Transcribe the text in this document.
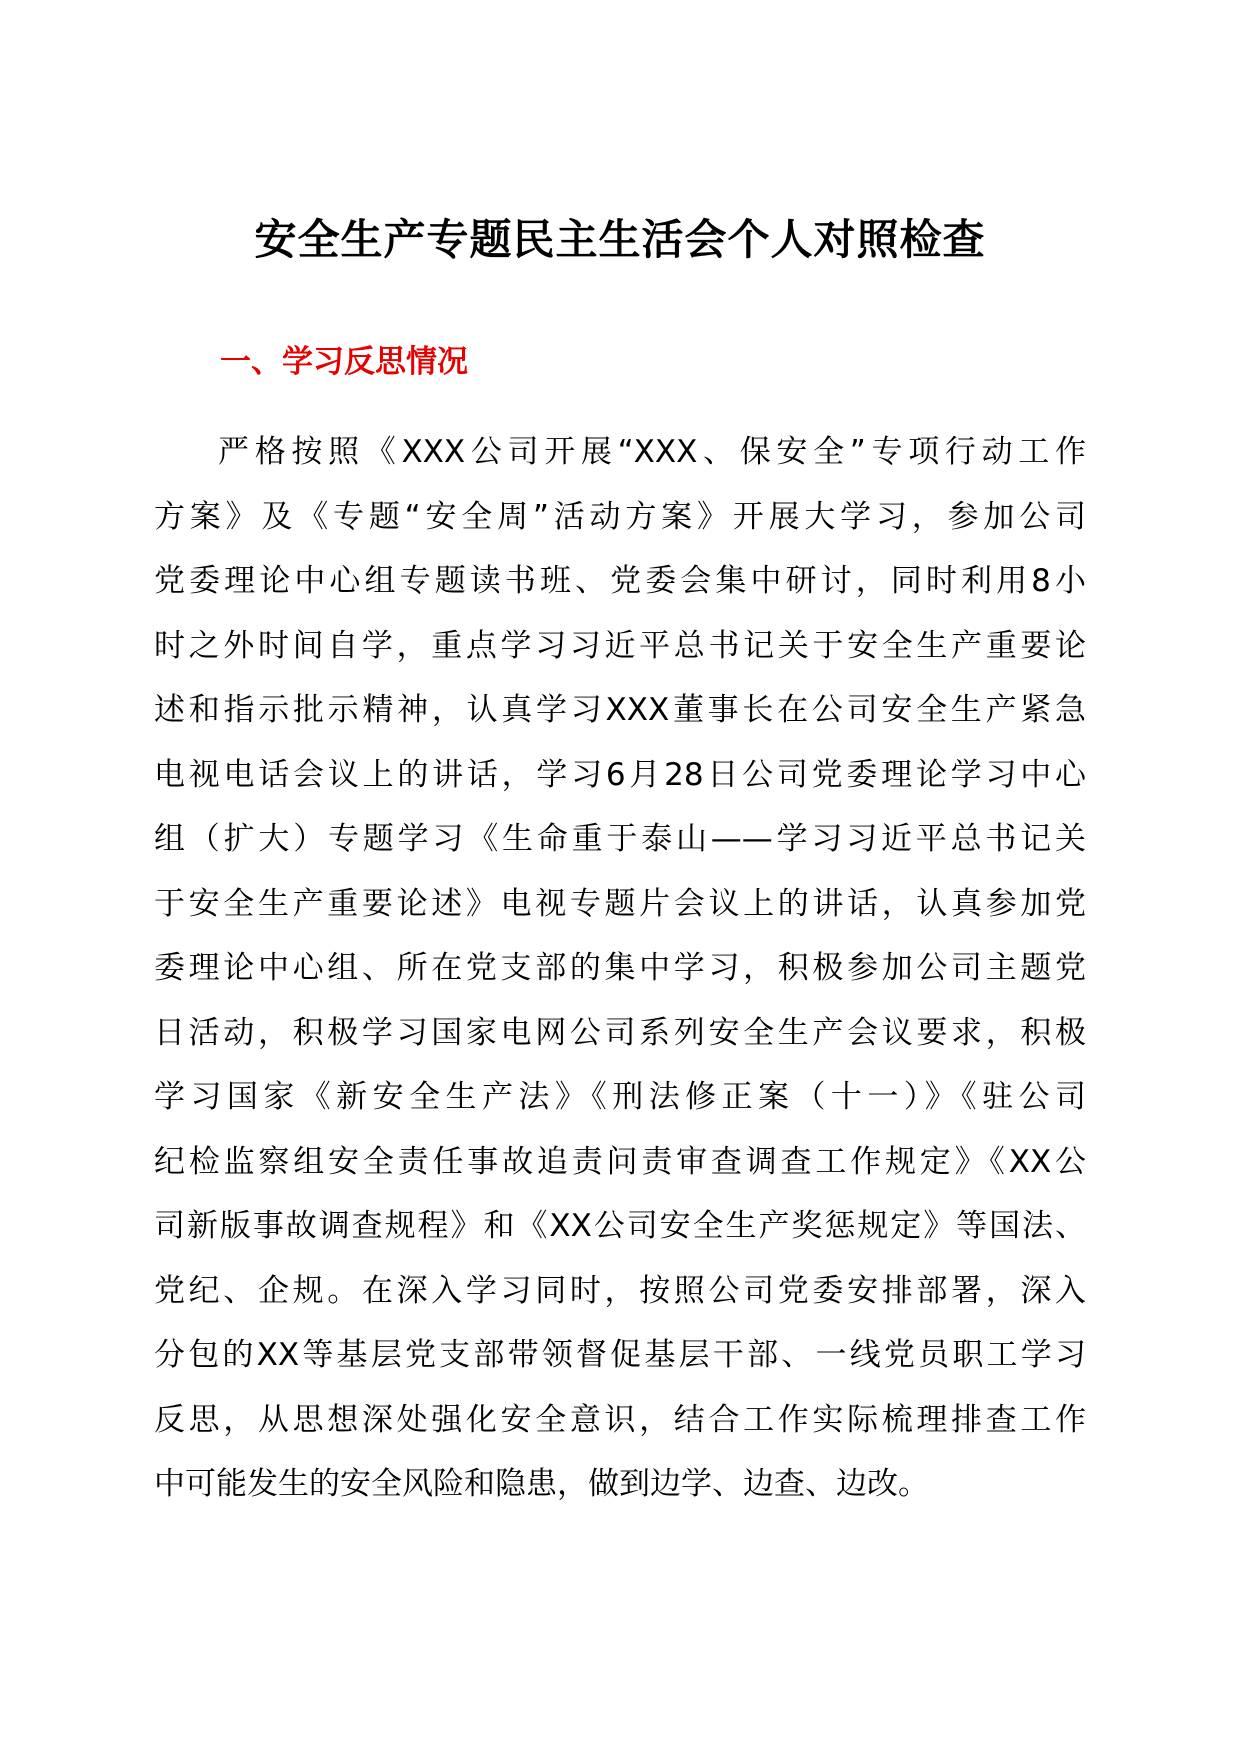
安全生产专题民主生活会个人对照检查
一、学习反思情况
严格按照《XXX公司开展“XXX、保安全”专项行动工作
方案》及《专题“安全周”活动方案》开展大学习，参加公司
党委理论中心组专题读书班、党委会集中研讨，同时利用8小
时之外时间自学，重点学习习近平总书记关于安全生产重要论
述和指示批示精神，认真学习XXX董事长在公司安全生产紧急
电视电话会议上的讲话，学习6月28日公司党委理论学习中心
组（扩大）专题学习《生命重于泰山——学习习近平总书记关
于安全生产重要论述》电视专题片会议上的讲话，认真参加党
委理论中心组、所在党支部的集中学习，积极参加公司主题党
日活动，积极学习国家电网公司系列安全生产会议要求，积极
学习国家《新安全生产法》《刑法修正案（十一）》《驻公司
纪检监察组安全责任事故追责问责审查调查工作规定》《XX公
司新版事故调查规程》和《XX公司安全生产奖惩规定》等国法、
党纪、企规。在深入学习同时，按照公司党委安排部署，深入
分包的XX等基层党支部带领督促基层干部、一线党员职工学习
反思，从思想深处强化安全意识，结合工作实际梳理排查工作
中可能发生的安全风险和隐患，做到边学、边查、边改。
